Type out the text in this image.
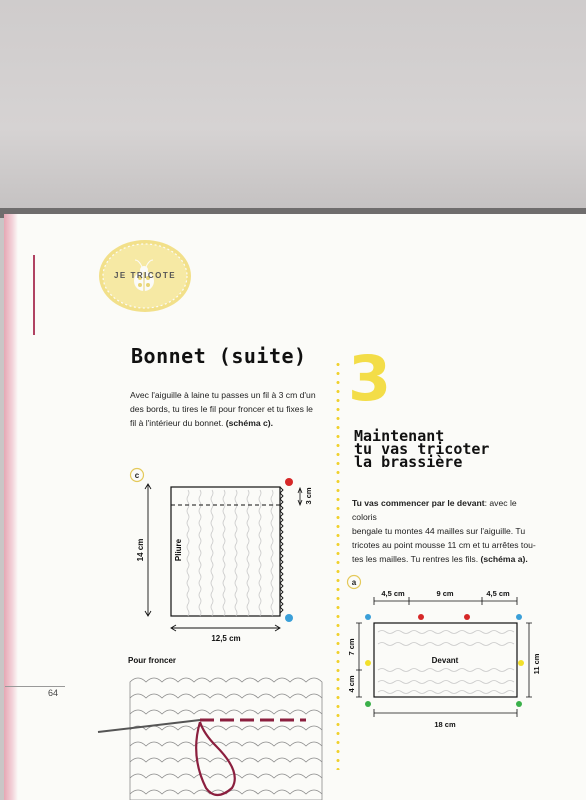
JE TRICOTE
Bonnet (suite)

Avec l'aiguille à laine tu passes un fil à 3 cm d'un
des bords, tu tires le fil pour froncer et tu fixes le
fil à l'intérieur du bonnet. (schéma c).

c
14 cm	Pliure
3 cm
12,5 cm

Pour froncer

64

3
Maintenant
tu vas tricoter
la brassière

Tu vas commencer par le devant: avec le coloris
bengale tu montes 44 mailles sur l'aiguille. Tu
tricotes au point mousse 11 cm et tu arrêtes tou-
tes les mailles. Tu rentres les fils. (schéma a).

a
4,5 cm	9 cm	4,5 cm
Devant
7 cm
4 cm
11 cm
18 cm
